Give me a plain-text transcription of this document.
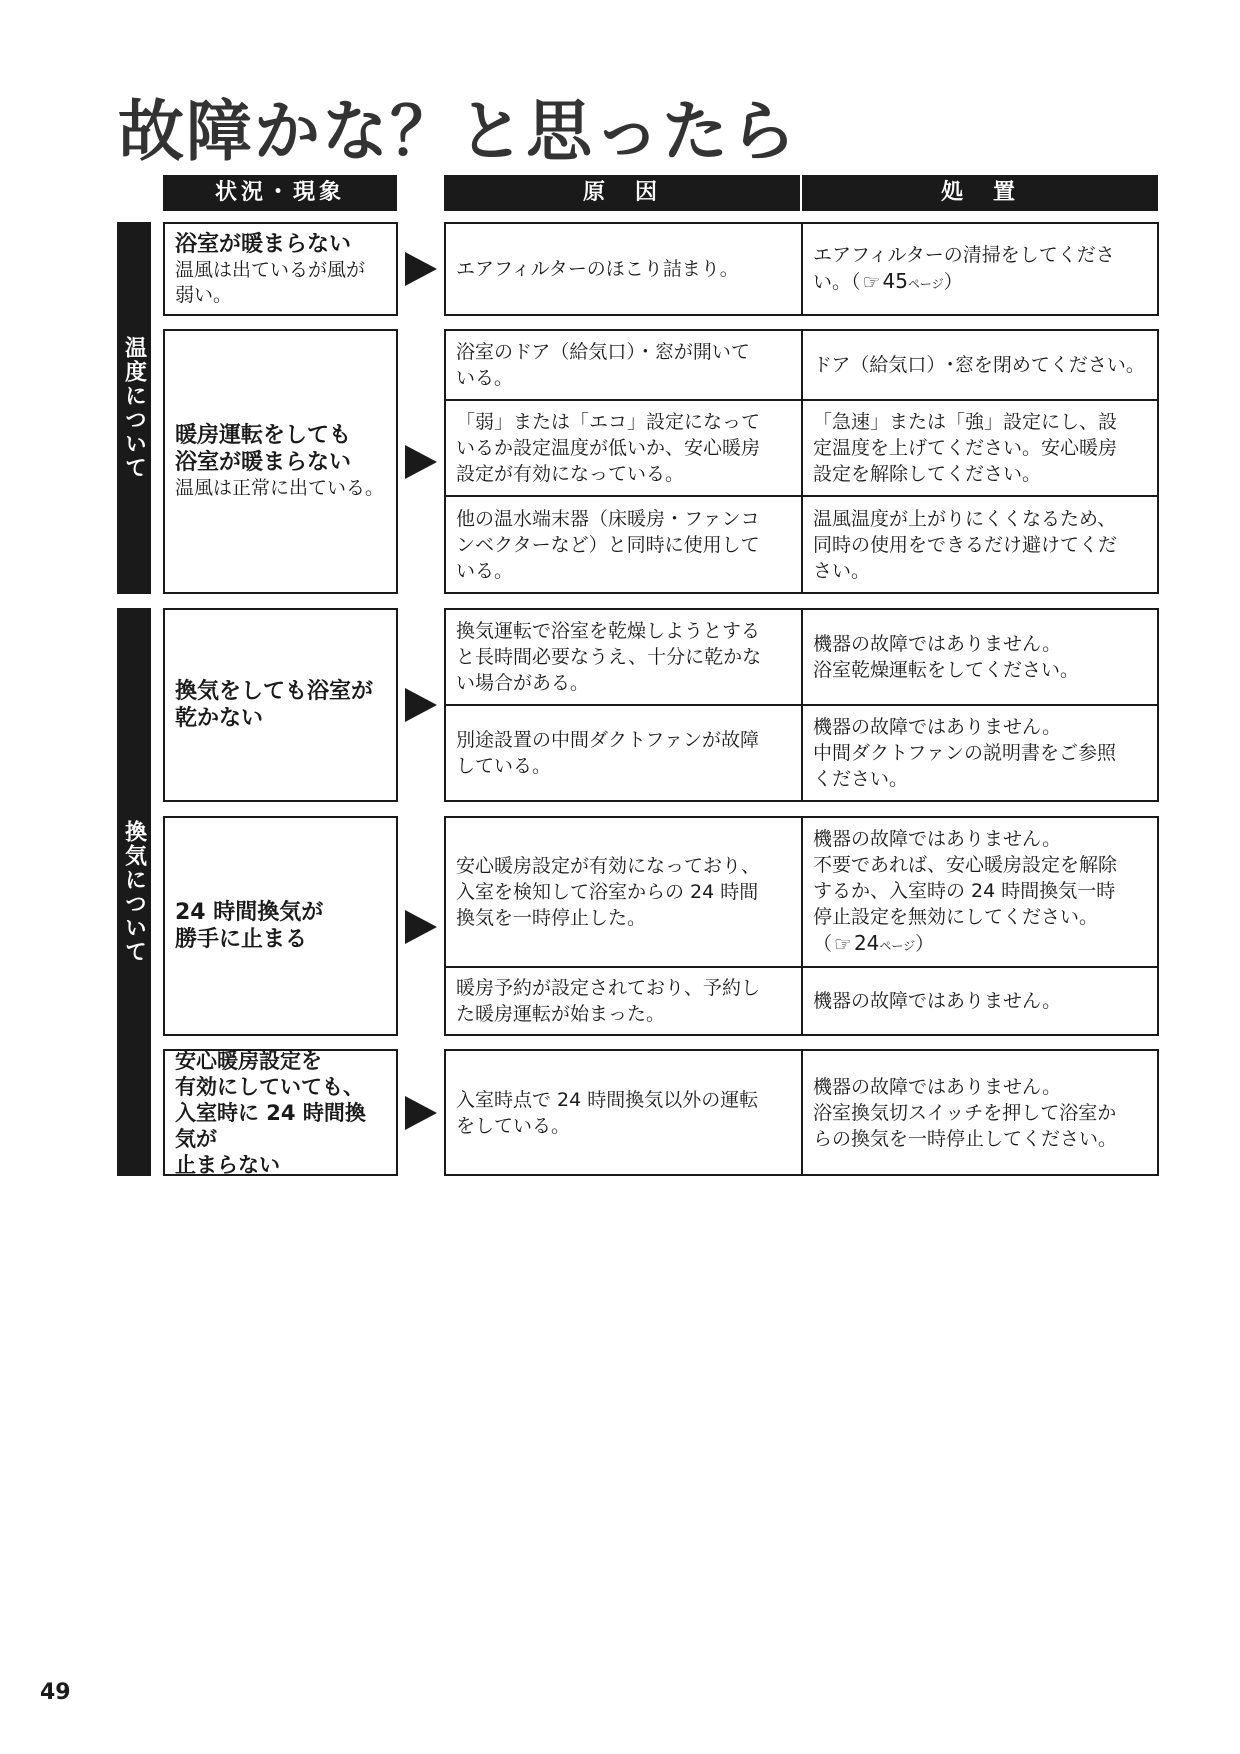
故障かな？と思ったら
状況・現象	原　因	処　置
温度について
換気について
浴室が暖まらない
温風は出ているが風が
弱い。
エアフィルターのほこり詰まり。
エアフィルターの清掃をしてくださ
い。（ ☞ 45ページ）
暖房運転をしても
浴室が暖まらない
温風は正常に出ている。
浴室のドア（給気口）・窓が開いて
いる。
ドア（給気口）･窓を閉めてください。
「弱」または「エコ」設定になって
いるか設定温度が低いか、安心暖房
設定が有効になっている。
「急速」または「強」設定にし、設
定温度を上げてください。安心暖房
設定を解除してください。
他の温水端末器（床暖房・ファンコ
ンベクターなど）と同時に使用して
いる。
温風温度が上がりにくくなるため、
同時の使用をできるだけ避けてくだ
さい。
換気をしても浴室が
乾かない
換気運転で浴室を乾燥しようとする
と長時間必要なうえ、十分に乾かな
い場合がある。
機器の故障ではありません。
浴室乾燥運転をしてください。
別途設置の中間ダクトファンが故障
している。
機器の故障ではありません。
中間ダクトファンの説明書をご参照
ください。
24 時間換気が
勝手に止まる
安心暖房設定が有効になっており、
入室を検知して浴室からの 24 時間
換気を一時停止した。
機器の故障ではありません。
不要であれば、安心暖房設定を解除
するか、入室時の 24 時間換気一時
停止設定を無効にしてください。
（ ☞ 24ページ）
暖房予約が設定されており、予約し
た暖房運転が始まった。
機器の故障ではありません。
安心暖房設定を
有効にしていても、
入室時に 24 時間換気が
止まらない
入室時点で 24 時間換気以外の運転
をしている。
機器の故障ではありません。
浴室換気切スイッチを押して浴室か
らの換気を一時停止してください。
49
